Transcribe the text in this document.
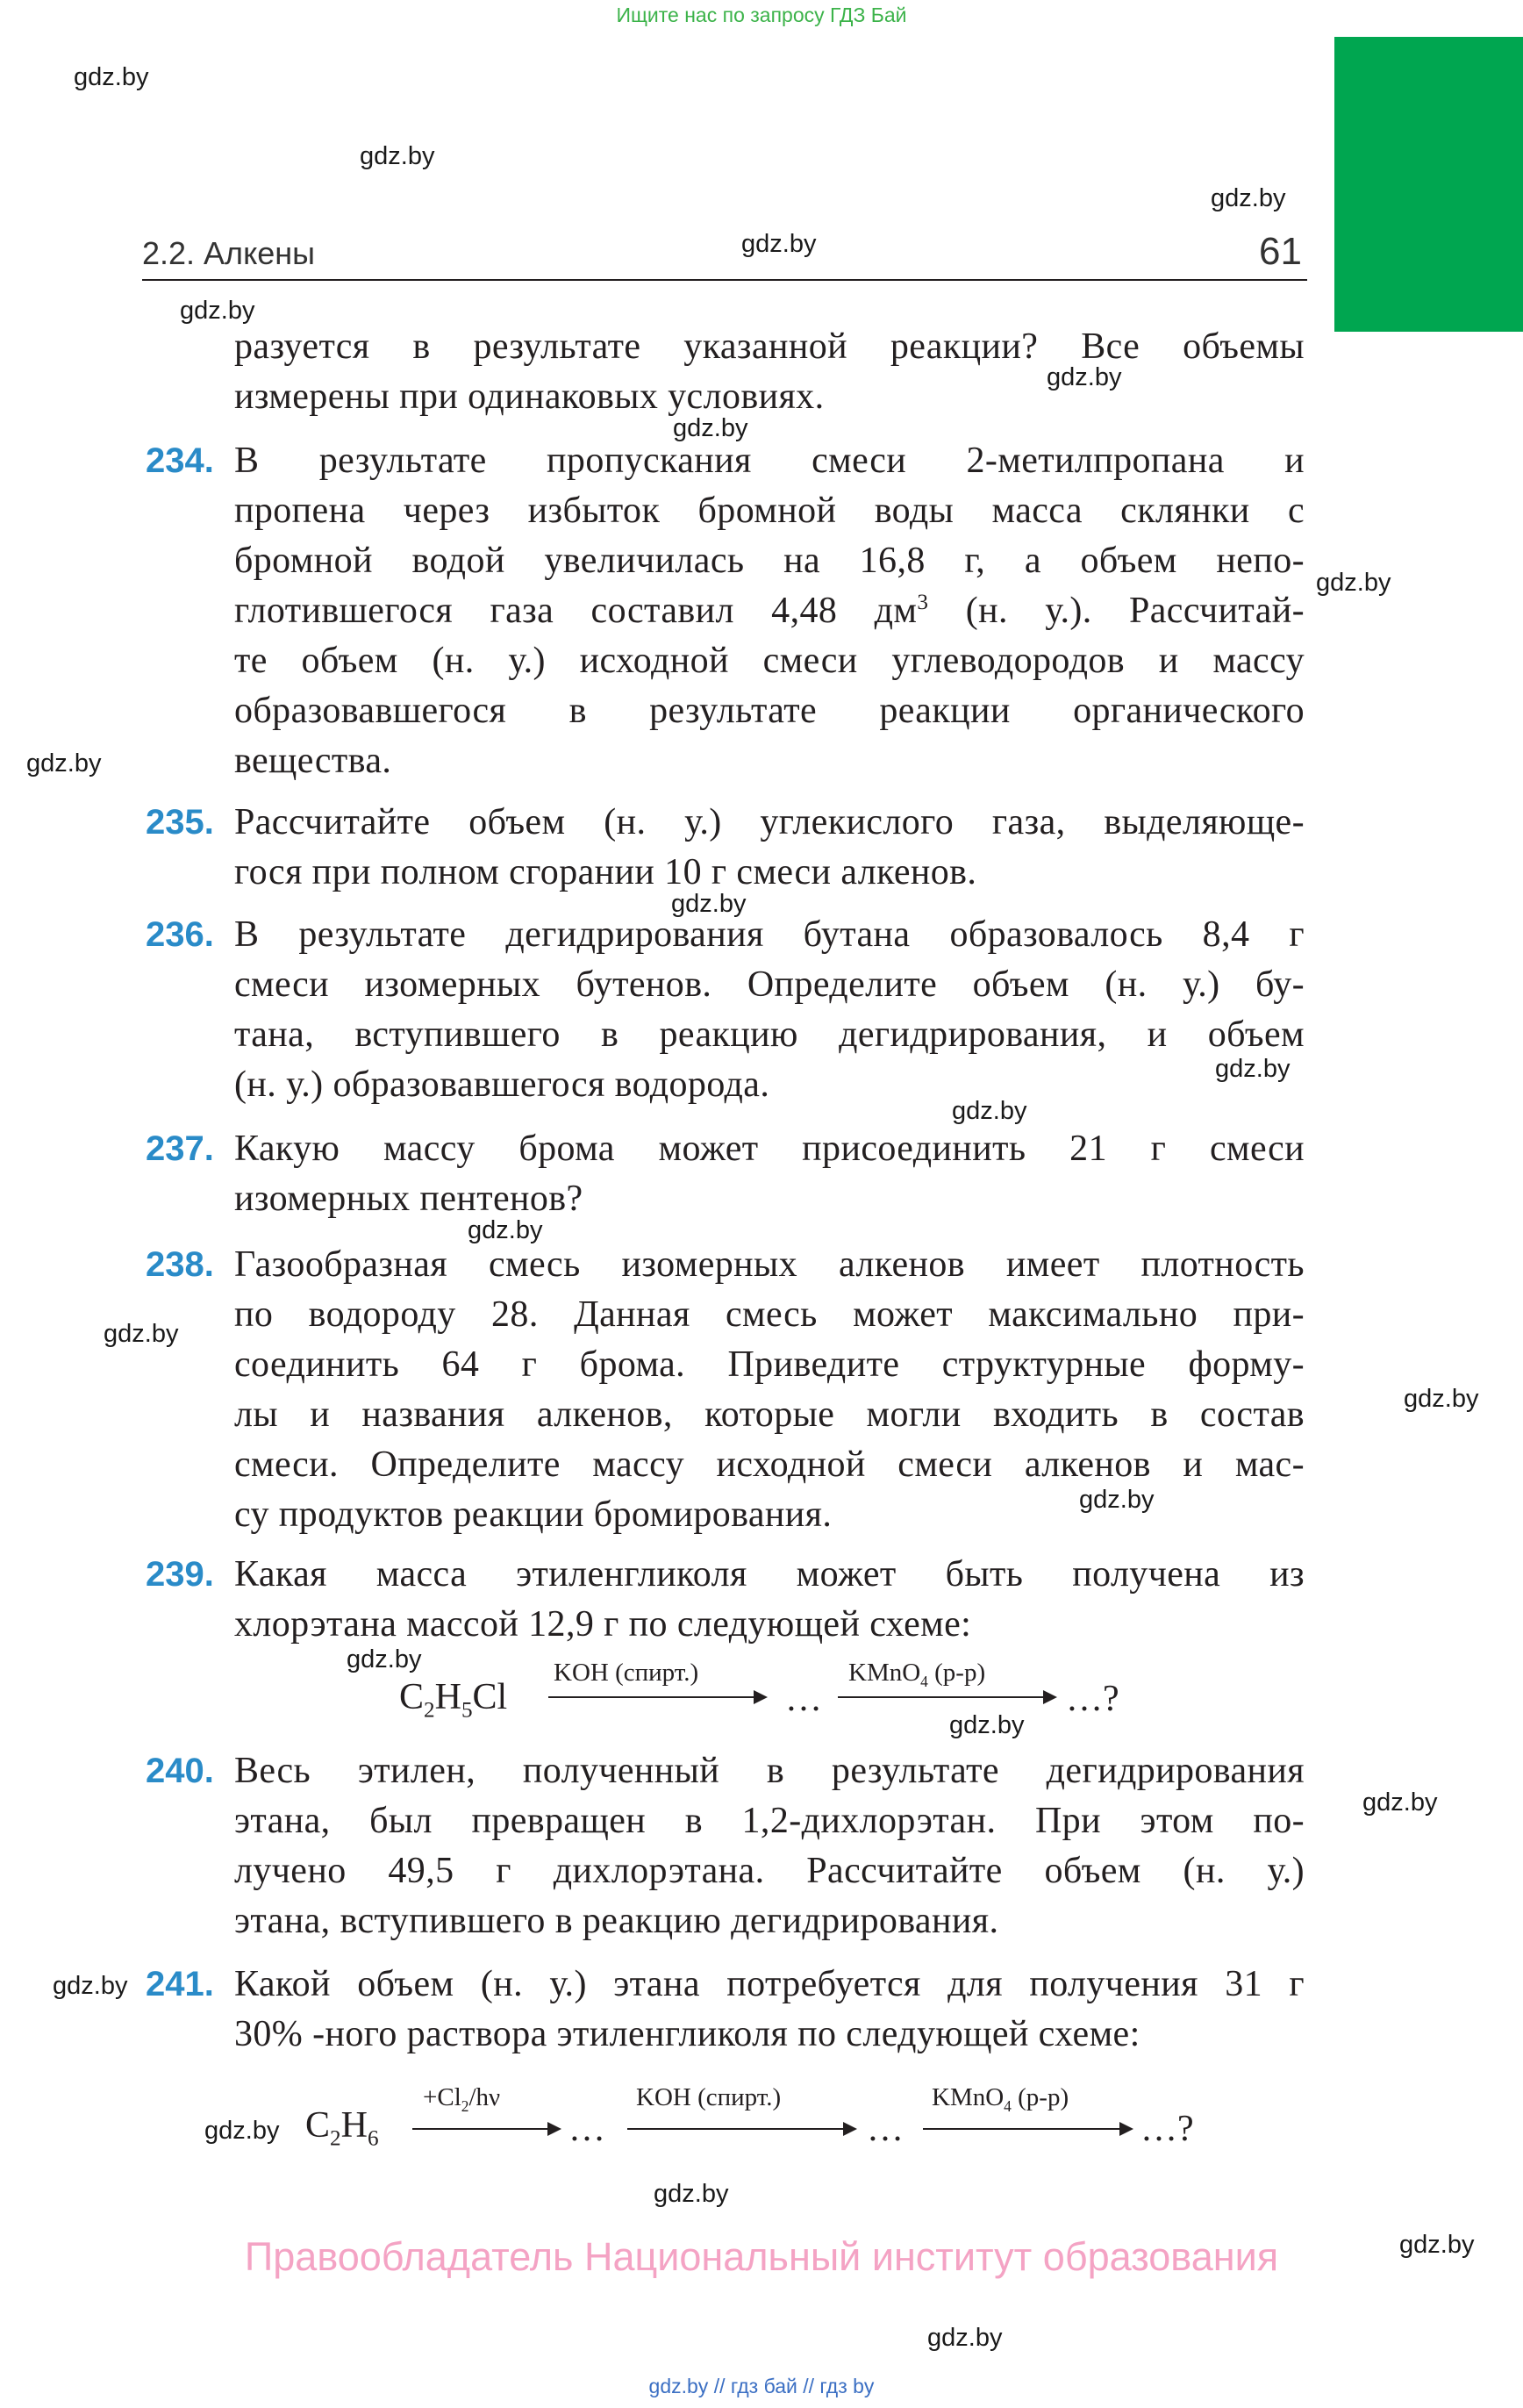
Ищите нас по запросу ГДЗ Бай
gdz.by
gdz.by
gdz.by
gdz.by
gdz.by
gdz.by
gdz.by
gdz.by
gdz.by
gdz.by
gdz.by
gdz.by
gdz.by
gdz.by
gdz.by
gdz.by
gdz.by
gdz.by
gdz.by
gdz.by
gdz.by
gdz.by
gdz.by
gdz.by
2.2. Алкены	61
разуется в результате указанной реакции? Все объемы
измерены при одинаковых условиях.
234. В результате пропускания смеси 2-метилпропана и
пропена через избыток бромной воды масса склянки с
бромной водой увеличилась на 16,8 г, а объем непо-
глотившегося газа составил 4,48 $дм^3$ (н. у.). Рассчитай-
те объем (н. у.) исходной смеси углеводородов и массу
образовавшегося в результате реакции органического
вещества.
235. Рассчитайте объем (н. у.) углекислого газа, выделяюще-
гося при полном сгорании 10 г смеси алкенов.
236. В результате дегидрирования бутана образовалось 8,4 г
смеси изомерных бутенов. Определите объем (н. у.) бу-
тана, вступившего в реакцию дегидрирования, и объем
(н. у.) образовавшегося водорода.
237. Какую массу брома может присоединить 21 г смеси
изомерных пентенов?
238. Газообразная смесь изомерных алкенов имеет плотность
по водороду 28. Данная смесь может максимально при-
соединить 64 г брома. Приведите структурные форму-
лы и названия алкенов, которые могли входить в состав
смеси. Определите массу исходной смеси алкенов и мас-
су продуктов реакции бромирования.
239. Какая масса этиленгликоля может быть получена из
хлорэтана массой 12,9 г по следующей схеме:
$C_2H_5Cl$
KOH (спирт.)
…
KMnO$_4$ (р-р)
…?
240. Весь этилен, полученный в результате дегидрирования
этана, был превращен в 1,2-дихлорэтан. При этом по-
лучено 49,5 г дихлорэтана. Рассчитайте объем (н. у.)
этана, вступившего в реакцию дегидрирования.
241. Какой объем (н. у.) этана потребуется для получения 31 г
30% -ного раствора этиленгликоля по следующей схеме:
$C_2H_6$
$+Cl_2/h\nu$
…
KOH (спирт.)
…
KMnO$_4$ (р-р)
…?
Правообладатель Национальный институт образования
gdz.by // гдз бай // гдз by
